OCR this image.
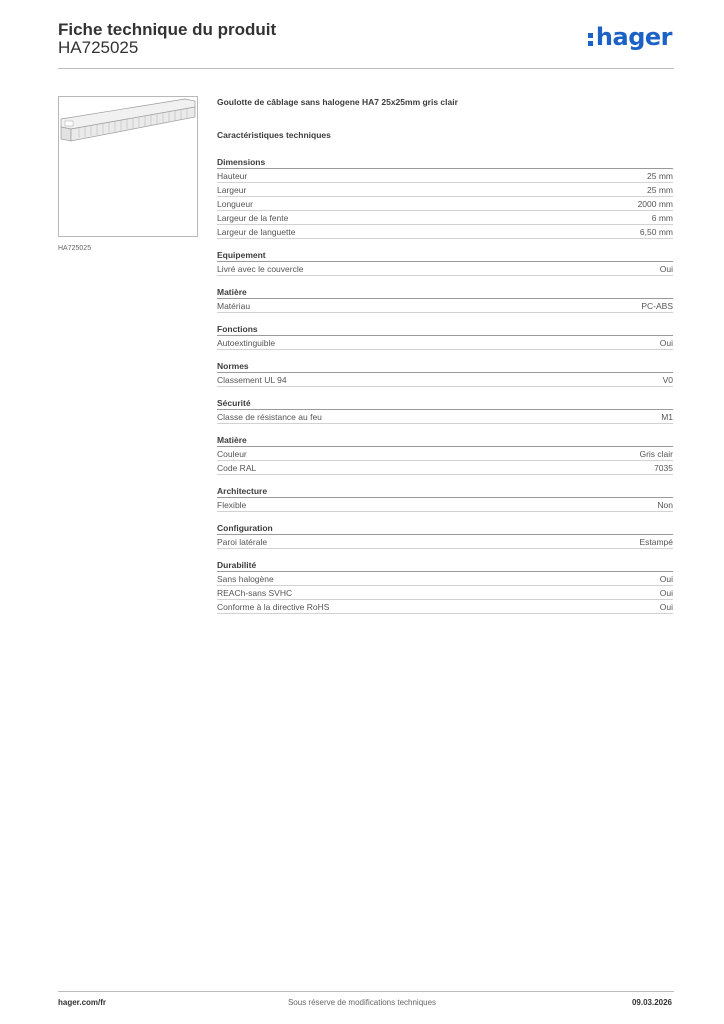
Fiche technique du produit
HA725025	hager
HA725025
Goulotte de câblage sans halogene HA7 25x25mm gris clair
Caractéristiques techniques
Dimensions
Hauteur	25 mm
Largeur	25 mm
Longueur	2000 mm
Largeur de la fente	6 mm
Largeur de languette	6,50 mm
Equipement
Livré avec le couvercle	Oui
Matière
Matériau	PC-ABS
Fonctions
Autoextinguible	Oui
Normes
Classement UL 94	V0
Sécurité
Classe de résistance au feu	M1
Matière
Couleur	Gris clair
Code RAL	7035
Architecture
Flexible	Non
Configuration
Paroi latérale	Estampé
Durabilité
Sans halogène	Oui
REACh-sans SVHC	Oui
Conforme à la directive RoHS	Oui
hager.com/fr	Sous réserve de modifications techniques	09.03.2026
